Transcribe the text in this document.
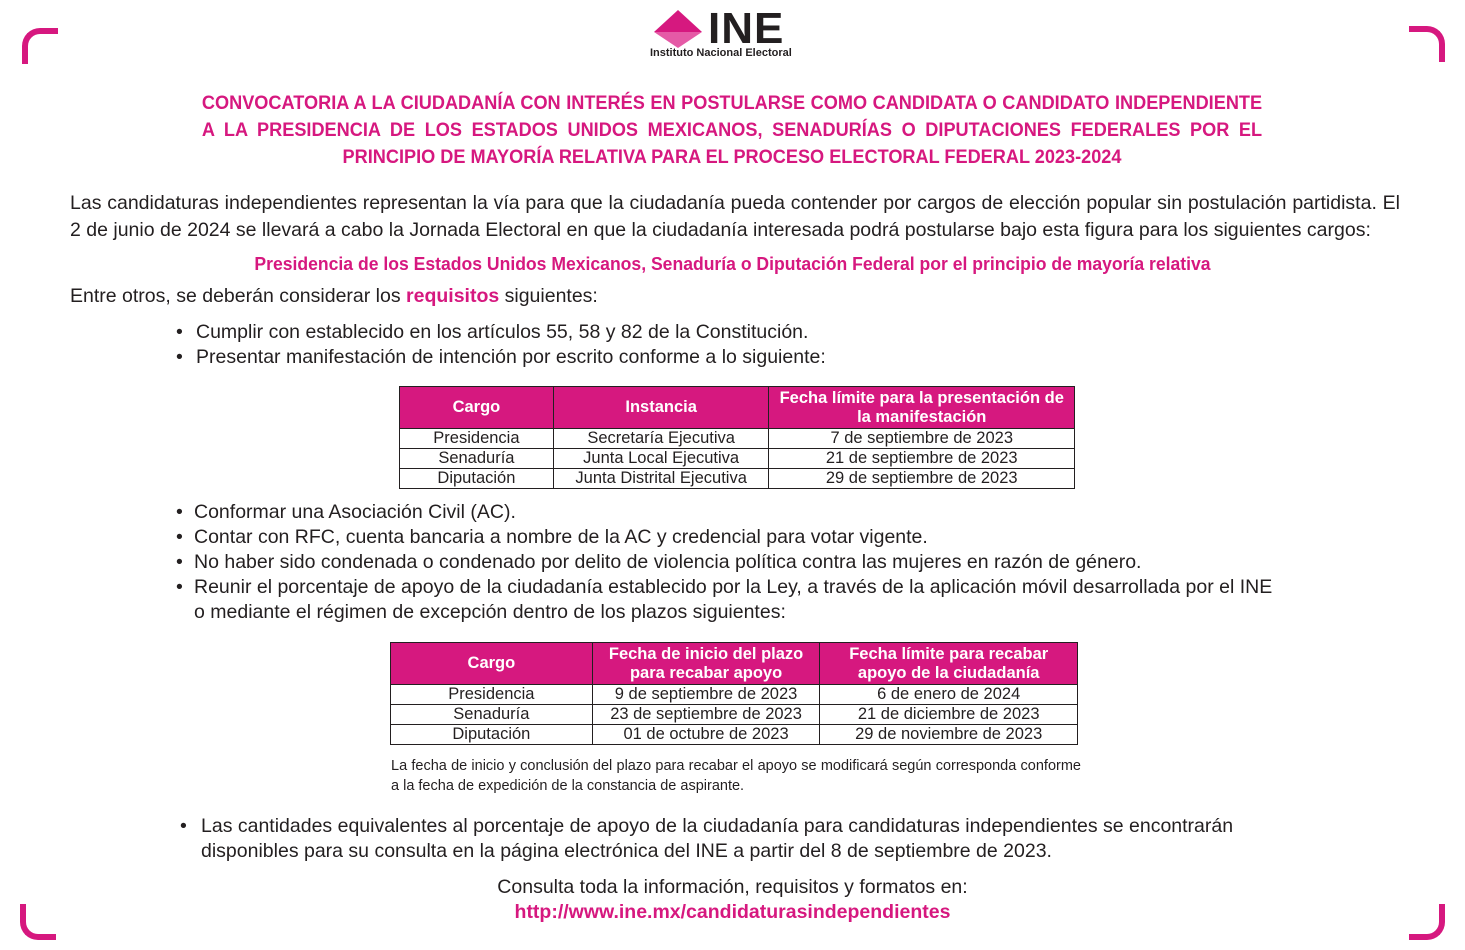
INE
Instituto Nacional Electoral
CONVOCATORIA A LA CIUDADANÍA CON INTERÉS EN POSTULARSE COMO CANDIDATA O CANDIDATO INDEPENDIENTE A LA PRESIDENCIA DE LOS ESTADOS UNIDOS MEXICANOS, SENADURÍAS O DIPUTACIONES FEDERALES POR EL PRINCIPIO DE MAYORÍA RELATIVA PARA EL PROCESO ELECTORAL FEDERAL 2023-2024
Las candidaturas independientes representan la vía para que la ciudadanía pueda contender por cargos de elección popular sin postulación partidista. El 2 de junio de 2024 se llevará a cabo la Jornada Electoral en que la ciudadanía interesada podrá postularse bajo esta figura para los siguientes cargos:
Presidencia de los Estados Unidos Mexicanos, Senaduría o Diputación Federal por el principio de mayoría relativa
Entre otros, se deberán considerar los requisitos siguientes:
• Cumplir con establecido en los artículos 55, 58 y 82 de la Constitución.
• Presentar manifestación de intención por escrito conforme a lo siguiente:
Cargo	Instancia	Fecha límite para la presentación de la manifestación
Presidencia	Secretaría Ejecutiva	7 de septiembre de 2023
Senaduría	Junta Local Ejecutiva	21 de septiembre de 2023
Diputación	Junta Distrital Ejecutiva	29 de septiembre de 2023
• Conformar una Asociación Civil (AC).
• Contar con RFC, cuenta bancaria a nombre de la AC y credencial para votar vigente.
• No haber sido condenada o condenado por delito de violencia política contra las mujeres en razón de género.
• Reunir el porcentaje de apoyo de la ciudadanía establecido por la Ley, a través de la aplicación móvil desarrollada por el INE o mediante el régimen de excepción dentro de los plazos siguientes:
Cargo	Fecha de inicio del plazo para recabar apoyo	Fecha límite para recabar apoyo de la ciudadanía
Presidencia	9 de septiembre de 2023	6 de enero de 2024
Senaduría	23 de septiembre de 2023	21 de diciembre de 2023
Diputación	01 de octubre de 2023	29 de noviembre de 2023
La fecha de inicio y conclusión del plazo para recabar el apoyo se modificará según corresponda conforme a la fecha de expedición de la constancia de aspirante.
• Las cantidades equivalentes al porcentaje de apoyo de la ciudadanía para candidaturas independientes se encontrarán disponibles para su consulta en la página electrónica del INE a partir del 8 de septiembre de 2023.
Consulta toda la información, requisitos y formatos en:
http://www.ine.mx/candidaturasindependientes
